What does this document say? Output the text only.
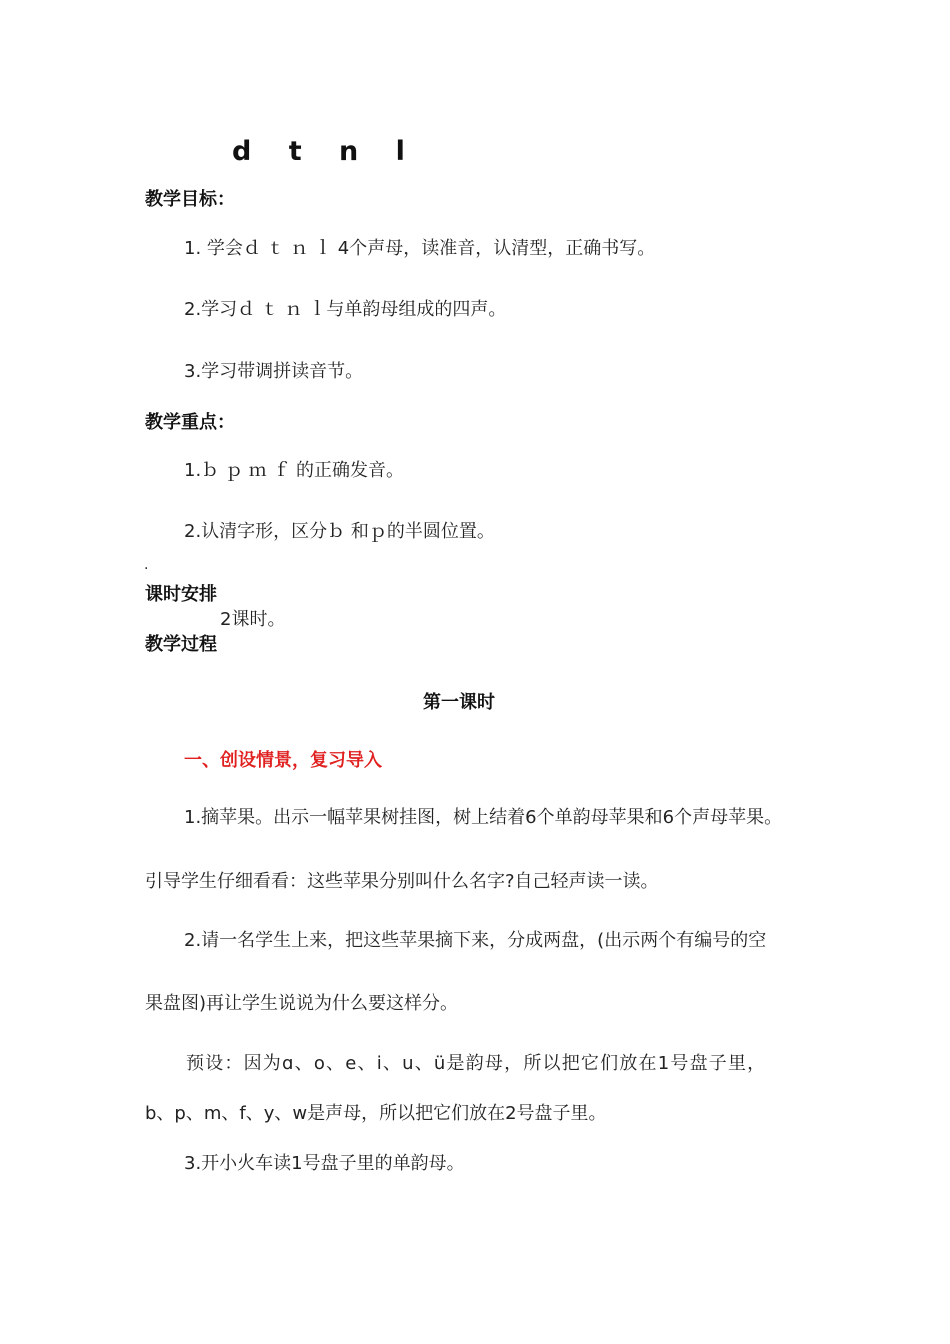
d t n l
教学目标：
1. 学会ｄ ｔ ｎ ｌ 4个声母，读准音，认清型，正确书写。
2.学习ｄ ｔ ｎ ｌ与单韵母组成的四声。
3.学习带调拼读音节。
教学重点：
1.ｂ ｐ ｍ ｆ 的正确发音。
2.认清字形，区分ｂ 和ｐ的半圆位置。
.
课时安排
2课时。
教学过程
第一课时
一、创设情景，复习导入
1.摘苹果。出示一幅苹果树挂图，树上结着6个单韵母苹果和6个声母苹果。
引导学生仔细看看：这些苹果分别叫什么名字?自己轻声读一读。
2.请一名学生上来，把这些苹果摘下来，分成两盘，(出示两个有编号的空
果盘图)再让学生说说为什么要这样分。
预设：因为ɑ、o、e、i、u、ü是韵母，所以把它们放在1号盘子里，
b、p、m、f、y、w是声母，所以把它们放在2号盘子里。
3.开小火车读1号盘子里的单韵母。
